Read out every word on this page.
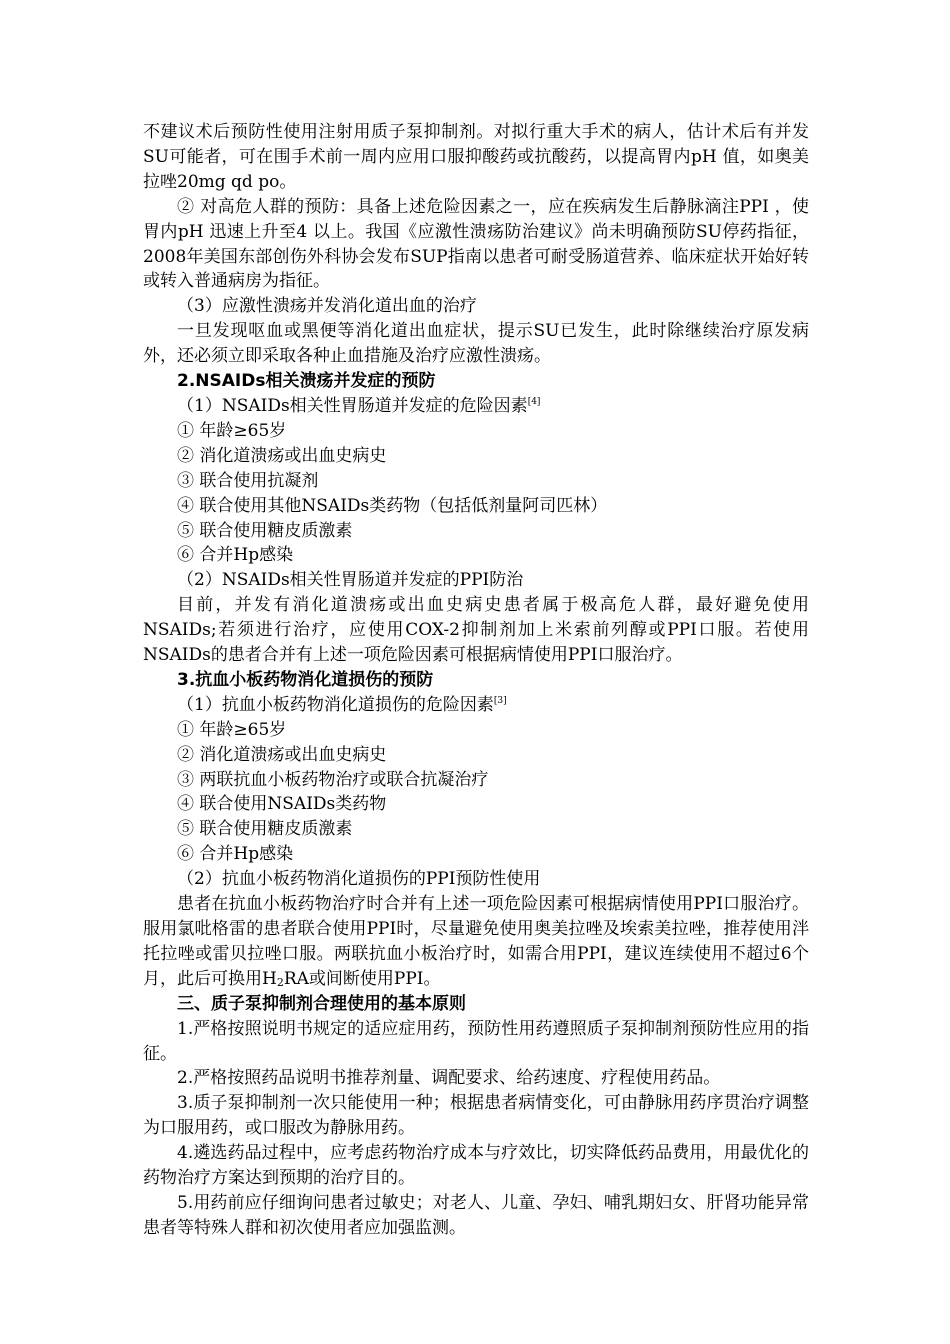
不建议术后预防性使用注射用质子泵抑制剂。对拟行重大手术的病人，估计术后有并发SU可能者，可在围手术前一周内应用口服抑酸药或抗酸药，以提高胃内pH 值，如奥美拉唑20mg qd po。

② 对高危人群的预防：具备上述危险因素之一，应在疾病发生后静脉滴注PPI ，使胃内pH 迅速上升至4 以上。我国《应激性溃疡防治建议》尚未明确预防SU停药指征，2008年美国东部创伤外科协会发布SUP指南以患者可耐受肠道营养、临床症状开始好转或转入普通病房为指征。

（3）应激性溃疡并发消化道出血的治疗

一旦发现呕血或黑便等消化道出血症状，提示SU已发生，此时除继续治疗原发病外，还必须立即采取各种止血措施及治疗应激性溃疡。

2.NSAIDs相关溃疡并发症的预防

（1）NSAIDs相关性胃肠道并发症的危险因素[4]

① 年龄≥65岁

② 消化道溃疡或出血史病史

③ 联合使用抗凝剂

④ 联合使用其他NSAIDs类药物（包括低剂量阿司匹林）

⑤ 联合使用糖皮质激素

⑥ 合并Hp感染

（2）NSAIDs相关性胃肠道并发症的PPI防治

目前，并发有消化道溃疡或出血史病史患者属于极高危人群，最好避免使用NSAIDs;若须进行治疗，应使用COX-2抑制剂加上米索前列醇或PPI口服。若使用NSAIDs的患者合并有上述一项危险因素可根据病情使用PPI口服治疗。

3.抗血小板药物消化道损伤的预防

（1）抗血小板药物消化道损伤的危险因素[3]

① 年龄≥65岁

② 消化道溃疡或出血史病史

③ 两联抗血小板药物治疗或联合抗凝治疗

④ 联合使用NSAIDs类药物

⑤ 联合使用糖皮质激素

⑥ 合并Hp感染

（2）抗血小板药物消化道损伤的PPI预防性使用

患者在抗血小板药物治疗时合并有上述一项危险因素可根据病情使用PPI口服治疗。服用氯吡格雷的患者联合使用PPI时，尽量避免使用奥美拉唑及埃索美拉唑，推荐使用泮托拉唑或雷贝拉唑口服。两联抗血小板治疗时，如需合用PPI，建议连续使用不超过6个月，此后可换用$H_2RA$或间断使用PPI。

三、质子泵抑制剂合理使用的基本原则

1.严格按照说明书规定的适应症用药，预防性用药遵照质子泵抑制剂预防性应用的指征。

2.严格按照药品说明书推荐剂量、调配要求、给药速度、疗程使用药品。

3.质子泵抑制剂一次只能使用一种；根据患者病情变化，可由静脉用药序贯治疗调整为口服用药，或口服改为静脉用药。

4.遴选药品过程中，应考虑药物治疗成本与疗效比，切实降低药品费用，用最优化的药物治疗方案达到预期的治疗目的。

5.用药前应仔细询问患者过敏史；对老人、儿童、孕妇、哺乳期妇女、肝肾功能异常患者等特殊人群和初次使用者应加强监测。
